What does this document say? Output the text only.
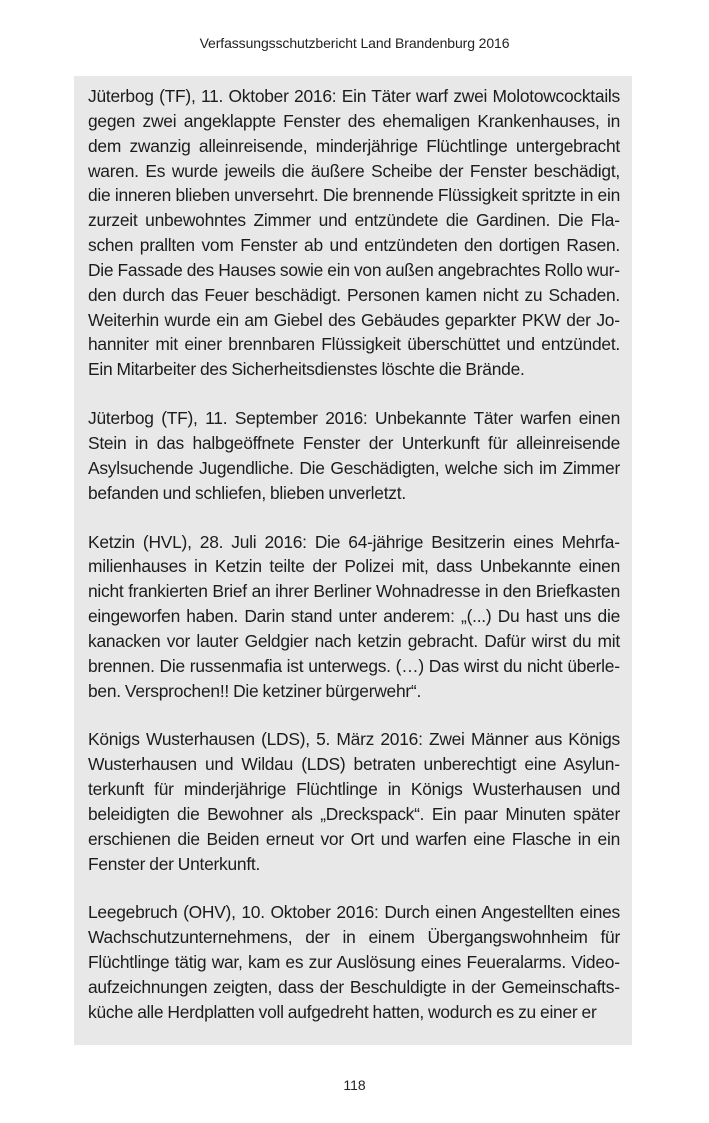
Verfassungsschutzbericht Land Brandenburg 2016

Jüterbog (TF), 11. Oktober 2016: Ein Täter warf zwei Molotowcocktails gegen zwei angeklappte Fenster des ehemaligen Krankenhauses, in dem zwanzig alleinreisende, minderjährige Flüchtlinge untergebracht waren. Es wurde jeweils die äußere Scheibe der Fenster beschädigt, die inneren blieben unversehrt. Die brennende Flüssigkeit spritzte in ein zurzeit unbewohntes Zimmer und entzündete die Gardinen. Die Flaschen prallten vom Fenster ab und entzündeten den dortigen Rasen. Die Fassade des Hauses sowie ein von außen angebrachtes Rollo wurden durch das Feuer beschädigt. Personen kamen nicht zu Schaden. Weiterhin wurde ein am Giebel des Gebäudes geparkter PKW der Johanniter mit einer brennbaren Flüssigkeit überschüttet und entzündet. Ein Mitarbeiter des Sicherheitsdienstes löschte die Brände.

Jüterbog (TF), 11. September 2016: Unbekannte Täter warfen einen Stein in das halbgeöffnete Fenster der Unterkunft für alleinreisende Asylsuchende Jugendliche. Die Geschädigten, welche sich im Zimmer befanden und schliefen, blieben unverletzt.

Ketzin (HVL), 28. Juli 2016: Die 64-jährige Besitzerin eines Mehrfamilienhauses in Ketzin teilte der Polizei mit, dass Unbekannte einen nicht frankierten Brief an ihrer Berliner Wohnadresse in den Briefkasten eingeworfen haben. Darin stand unter anderem: „(...) Du hast uns die kanacken vor lauter Geldgier nach ketzin gebracht. Dafür wirst du mit brennen. Die russenmafia ist unterwegs. (…) Das wirst du nicht überleben. Versprochen!! Die ketziner bürgerwehr“.

Königs Wusterhausen (LDS), 5. März 2016: Zwei Männer aus Königs Wusterhausen und Wildau (LDS) betraten unberechtigt eine Asylunterkunft für minderjährige Flüchtlinge in Königs Wusterhausen und beleidigten die Bewohner als „Dreckspack“. Ein paar Minuten später erschienen die Beiden erneut vor Ort und warfen eine Flasche in ein Fenster der Unterkunft.

Leegebruch (OHV), 10. Oktober 2016: Durch einen Angestellten eines Wachschutzunternehmens, der in einem Übergangswohnheim für Flüchtlinge tätig war, kam es zur Auslösung eines Feueralarms. Videoaufzeichnungen zeigten, dass der Beschuldigte in der Gemeinschaftsküche alle Herdplatten voll aufgedreht hatten, wodurch es zu einer er

118
